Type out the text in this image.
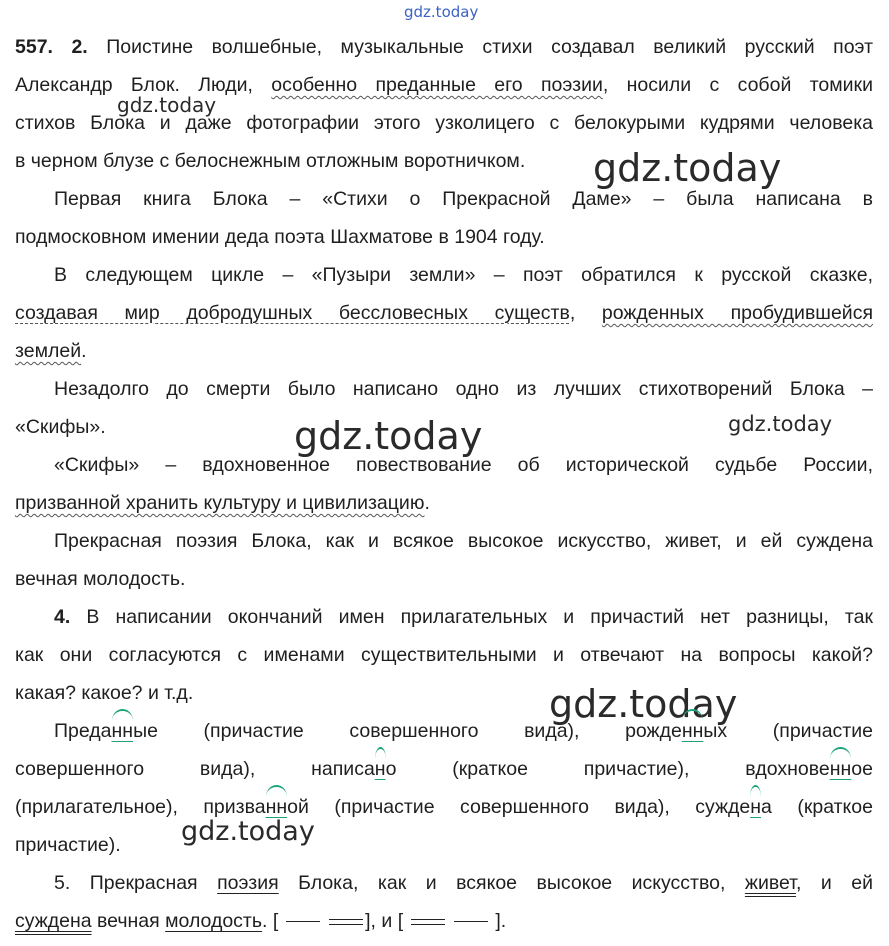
gdz.today
gdz.today
gdz.today
gdz.today	gdz.today
gdz.today
gdz.today
557. 2. Поистине волшебные, музыкальные стихи создавал великий русский поэт
Александр Блок. Люди, особенно преданные его поэзии, носили с собой томики
стихов Блока и даже фотографии этого узколицего с белокурыми кудрями человека
в черном блузе с белоснежным отложным воротничком.
Первая книга Блока – «Стихи о Прекрасной Даме» – была написана в
подмосковном имении деда поэта Шахматове в 1904 году.
В следующем цикле – «Пузыри земли» – поэт обратился к русской сказке,
создавая мир добродушных бессловесных существ, рожденных пробудившейся
землей.
Незадолго до смерти было написано одно из лучших стихотворений Блока –
«Скифы».
«Скифы» – вдохновенное повествование об исторической судьбе России,
призванной хранить культуру и цивилизацию.
Прекрасная поэзия Блока, как и всякое высокое искусство, живет, и ей суждена
вечная молодость.
4. В написании окончаний имен прилагательных и причастий нет разницы, так
как они согласуются с именами существительными и отвечают на вопросы какой?
какая? какое? и т.д.
Преданные (причастие совершенного вида), рожденных (причастие
совершенного вида), написано (краткое причастие), вдохновенное
(прилагательное), призванной (причастие совершенного вида), суждена (краткое
причастие).
5. Прекрасная поэзия Блока, как и всякое высокое искусство, живет, и ей
суждена вечная молодость. [	], и [	].
